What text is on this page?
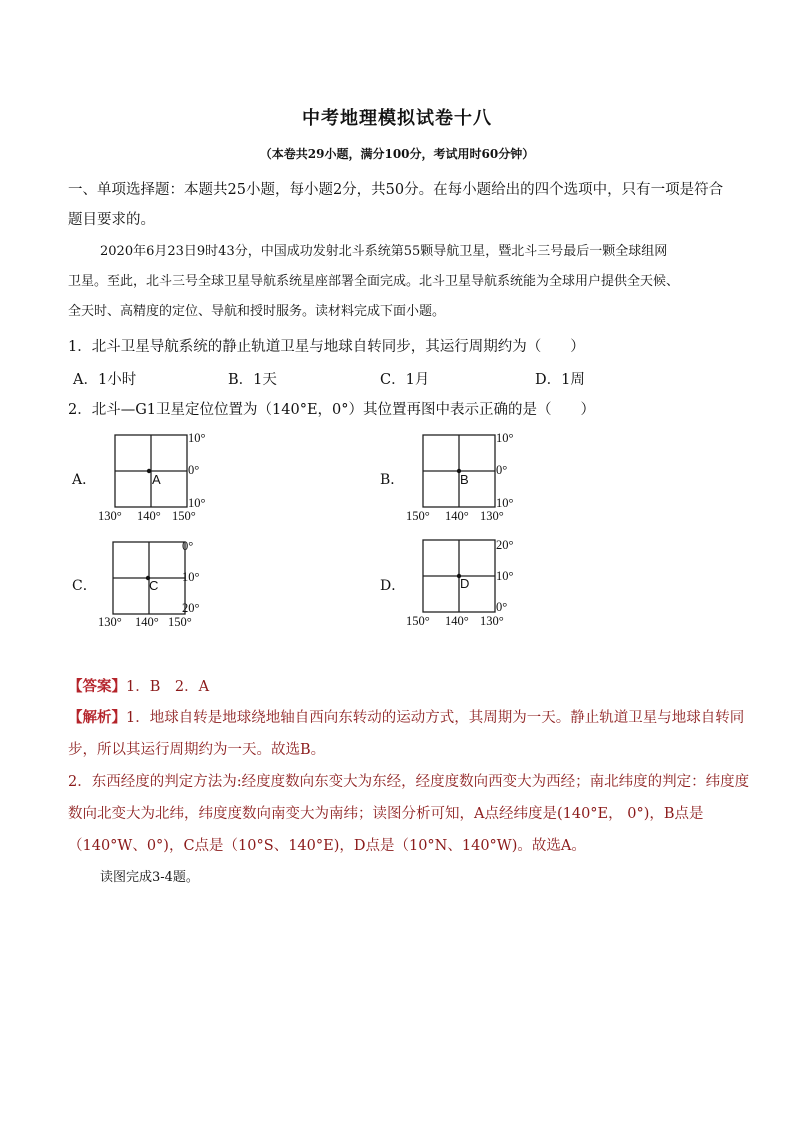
中考地理模拟试卷十八
（本卷共29小题，满分100分，考试用时60分钟）
一、单项选择题：本题共25小题，每小题2分，共50分。在每小题给出的四个选项中，只有一项是符合
题目要求的。
2020年6月23日9时43分，中国成功发射北斗系统第55颗导航卫星，暨北斗三号最后一颗全球组网
卫星。至此，北斗三号全球卫星导航系统星座部署全面完成。北斗卫星导航系统能为全球用户提供全天候、
全天时、高精度的定位、导航和授时服务。读材料完成下面小题。
1．北斗卫星导航系统的静止轨道卫星与地球自转同步，其运行周期约为（　　）
A．1小时	B．1天	C．1月	D．1周
2．北斗—G1卫星定位位置为（140°E，0°）其位置再图中表示正确的是（　　）
A．	A
10°
0°
10°
130° 140° 150°
B．	B
10°
0°
10°
150° 140° 130°
C．	C
0°
10°
20°
130° 140° 150°
D．	D
20°
10°
0°
150° 140° 130°
【答案】1．B　2．A
【解析】1．地球自转是地球绕地轴自西向东转动的运动方式，其周期为一天。静止轨道卫星与地球自转同
步，所以其运行周期约为一天。故选B。
2．东西经度的判定方法为:经度度数向东变大为东经，经度度数向西变大为西经；南北纬度的判定：纬度度
数向北变大为北纬，纬度度数向南变大为南纬；读图分析可知，A点经纬度是(140°E， 0°)，B点是
（140°W、0°)，C点是（10°S、140°E)，D点是（10°N、140°W)。故选A。
读图完成3-4题。
